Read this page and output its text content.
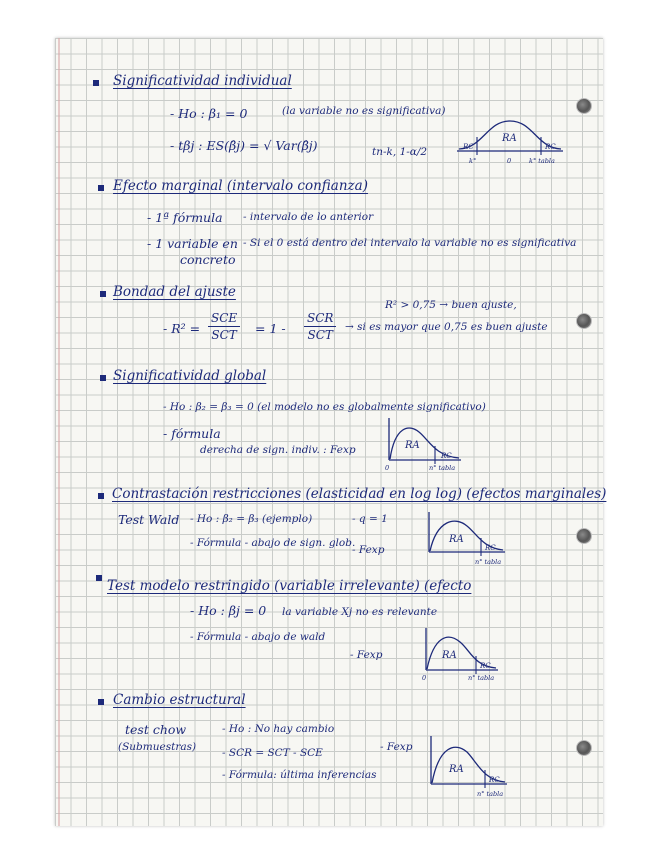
Significatividad individual
- Ho : β₁ = 0	(la variable no es significativa)
- tβj : ES(β̂j) = √ Var(β̂j)	tn-k, 1-α/2
RA
RC	RC
k°	0	k° tabla
Efecto marginal (intervalo confianza)
- 1ª fórmula - intervalo de lo anterior
- 1 variable en
concreto
- Si el 0 está dentro del intervalo la variable no es significativa
Bondad del ajuste
- R² =
SCE
SCT = 1 -
SCR
SCT
R² > 0,75 → buen ajuste,
→ si es mayor que 0,75 es buen ajuste
Significatividad global
- Ho : β₂ = β₃ = 0 (el modelo no es globalmente significativo)
- fórmula
derecha de sign. indiv. : Fexp	RA
RC
0	n° tabla
Contrastación restricciones (elasticidad en log log) (efectos marginales)
Test Wald - Ho : β₂ = β₃ (ejemplo)	- q = 1
- Fórmula - abajo de sign. glob.
- Fexp
RA
RC
n° tabla
Test modelo restringido (variable irrelevante) (efecto
- Ho : βj = 0 la variable Xj no es relevante
- Fórmula - abajo de wald
- Fexp	RA
RC
0	n° tabla
Cambio estructural
test chow
(Submuestras)
- Ho : No hay cambio
- SCR = SCT - SCE
- Fórmula: última inferencias
- Fexp
RA
RC
n° tabla
